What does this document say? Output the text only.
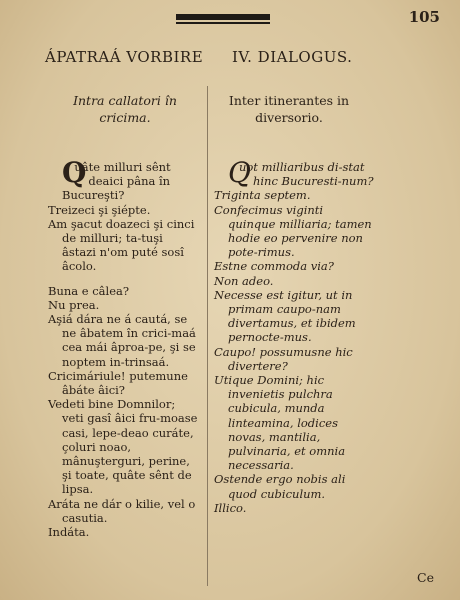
105
ÁPATRAÁ VORBIRE IV. DIALOGUS.
Intra callatori în cricima.
Inter itinerantes in diversorio.
Q
uâte milluri sênt deaici pâna în Bucureşti?
Treizeci şi şiépte.
Am şacut doazeci şi cinci de milluri; ta-tuşi âstazi n'om puté sosî âcolo.
Buna e câlea?
Nu prea.
Aşiá dára ne á cautá, se ne âbatem în crici-maá cea mái âproa-pe, şi se noptem in-trinsaá.
Cricimáriule! putemune âbáte âici?
Vedeti bine Domnilor; veti gasî âici fru-moase casi, lepe-deao curáte, çoluri noao, mânuşterguri, perine, şi toate, quâte sênt de lipsa.
Aráta ne dár o kilie, vel o casutia.
Indáta.
Q
uot milliaribus di-stat hinc Bucuresti-num?
Triginta septem.
Confecimus viginti quinque milliaria; tamen hodie eo pervenire non pote-rimus.
Estne commoda via?
Non adeo.
Necesse est igitur, ut in primam caupo-nam divertamus, et ibidem pernocte-mus.
Caupo! possumusne hic divertere?
Utique Domini; hic invenietis pulchra cubicula, munda linteamina, lodices novas, mantilia, pulvinaria, et omnia necessaria.
Ostende ergo nobis ali quod cubiculum.
Illico.
Ce
